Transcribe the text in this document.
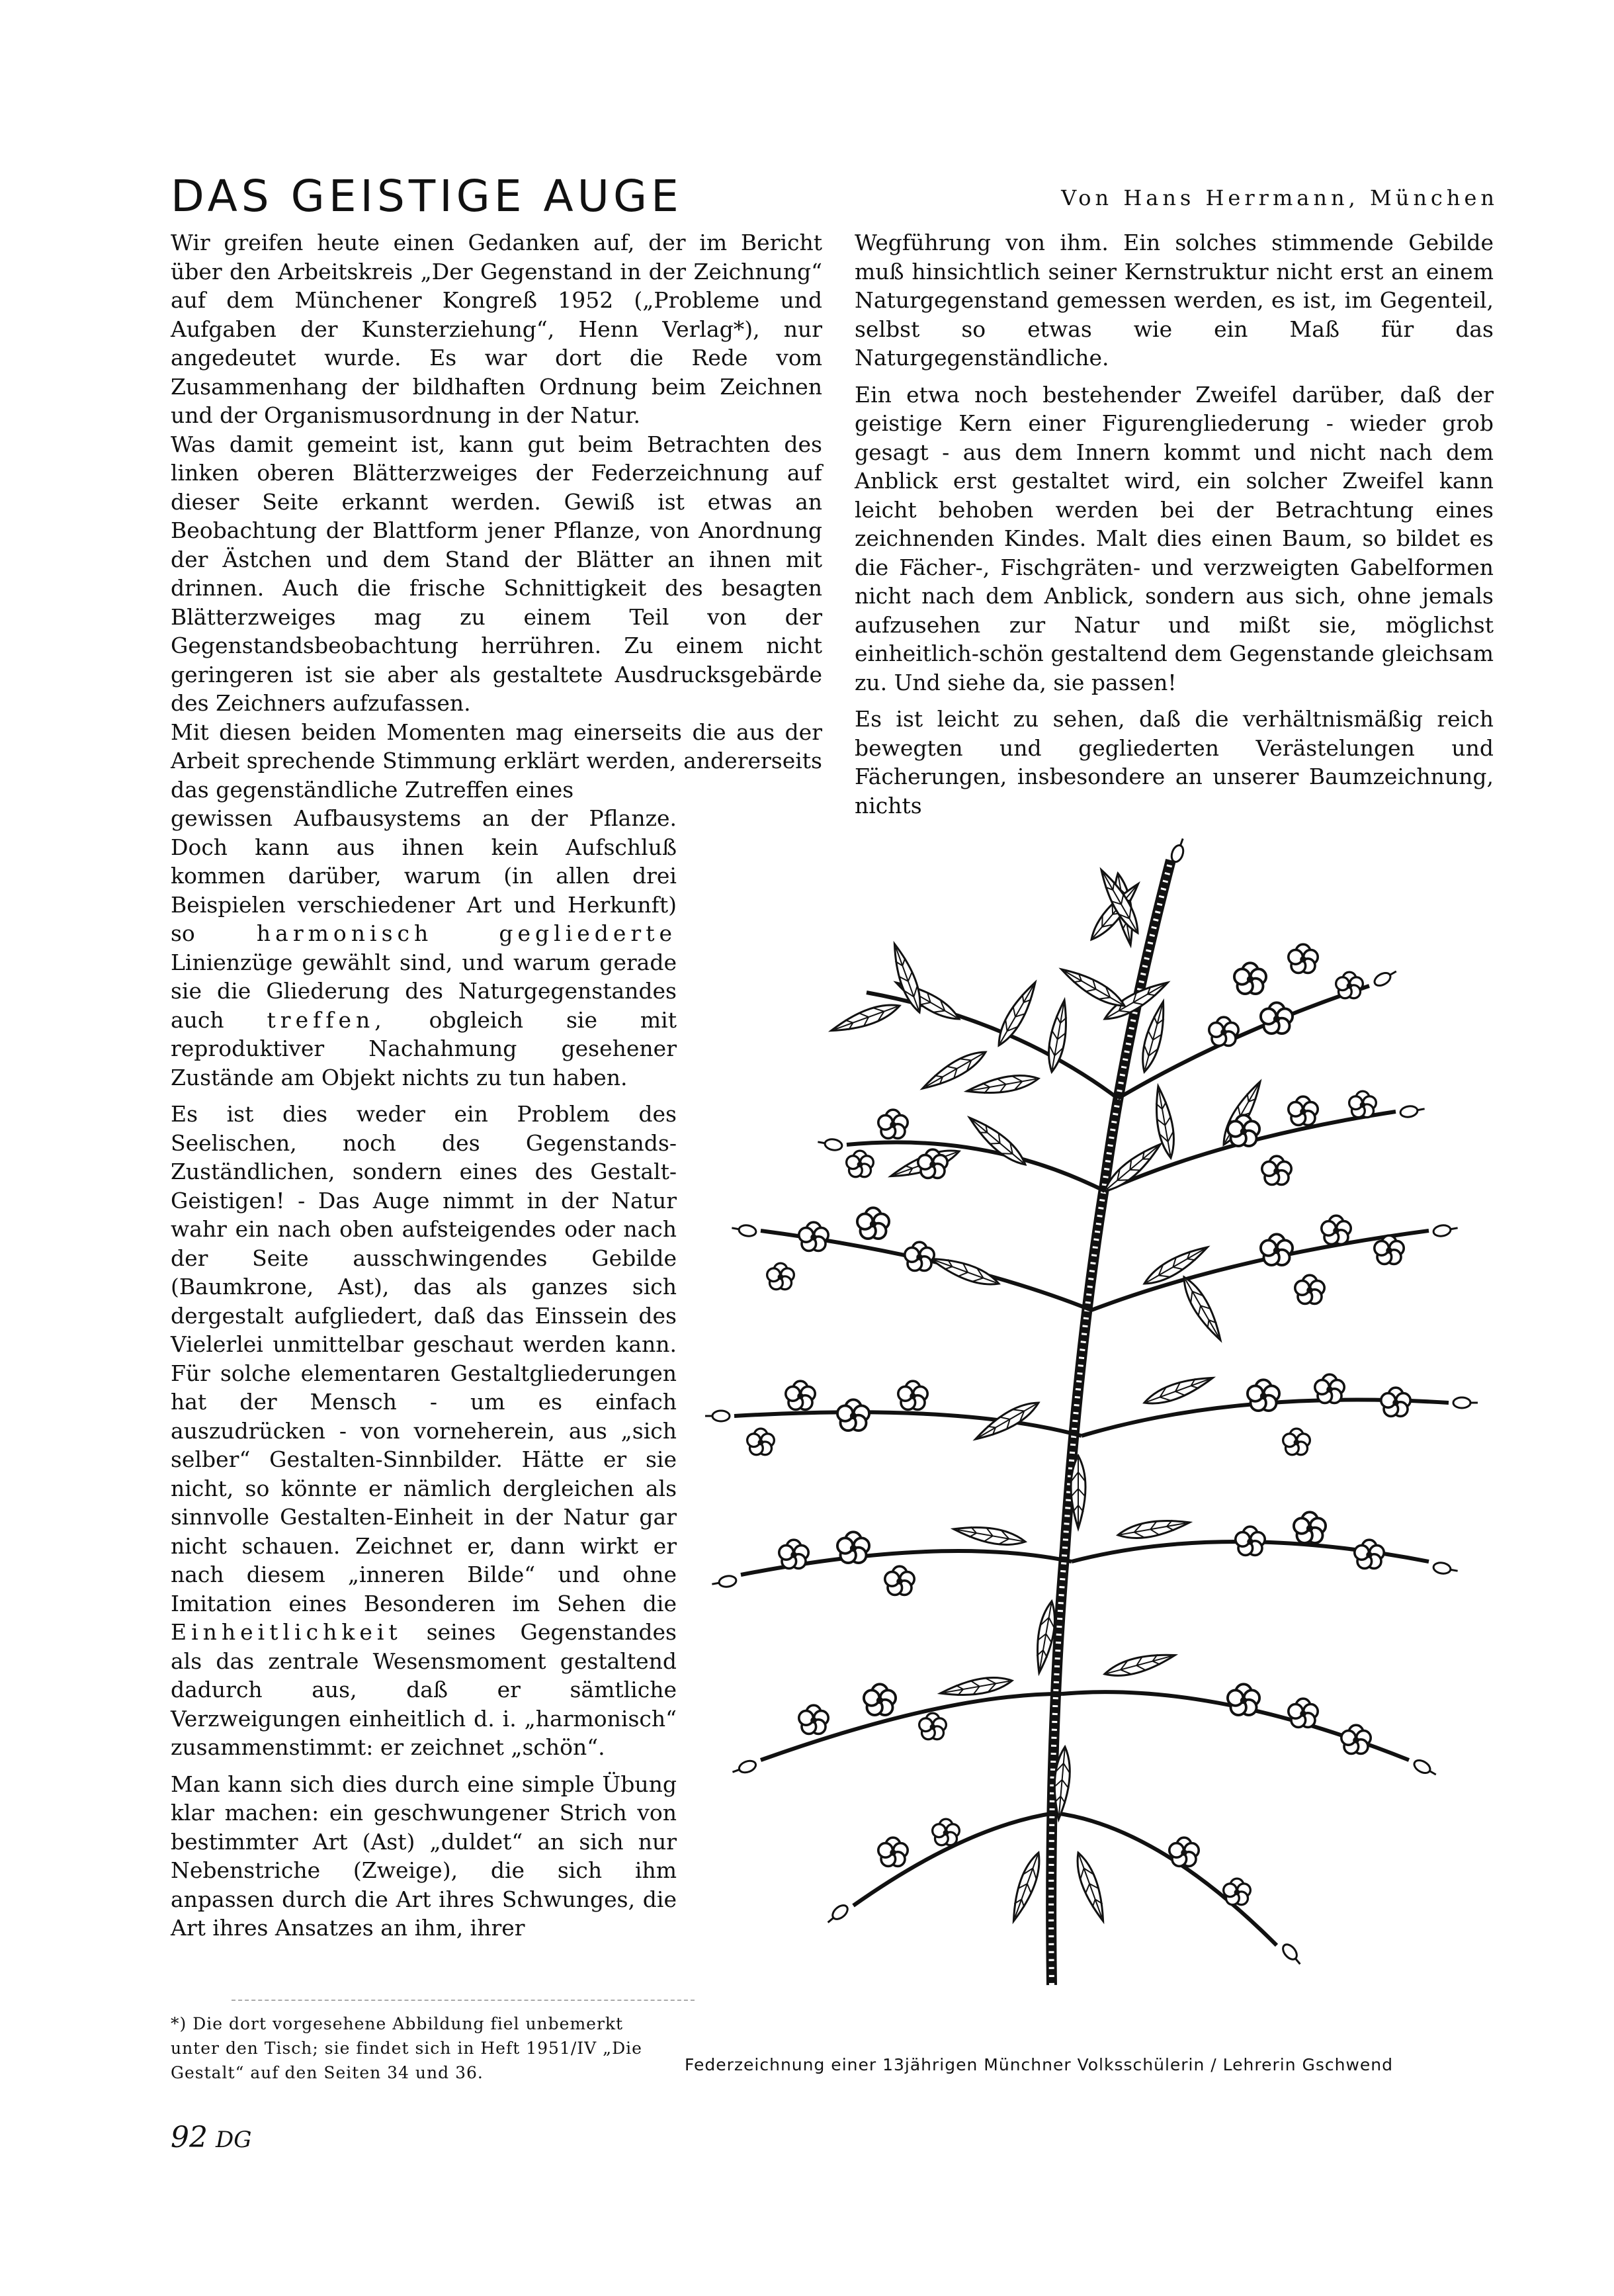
DAS GEISTIGE AUGE	Von Hans Herrmann, München

Wir greifen heute einen Gedanken auf, der im Bericht über den Arbeitskreis „Der Gegenstand in der Zeichnung“ auf dem Münchener Kongreß 1952 („Probleme und Aufgaben der Kunsterziehung“, Henn Verlag*), nur angedeutet wurde. Es war dort die Rede vom Zusammenhang der bildhaften Ordnung beim Zeichnen und der Organismusordnung in der Natur.

Was damit gemeint ist, kann gut beim Betrachten des linken oberen Blätterzweiges der Federzeichnung auf dieser Seite erkannt werden. Gewiß ist etwas an Beobachtung der Blattform jener Pflanze, von Anordnung der Ästchen und dem Stand der Blätter an ihnen mit drinnen. Auch die frische Schnittigkeit des besagten Blätterzweiges mag zu einem Teil von der Gegenstandsbeobachtung herrühren. Zu einem nicht geringeren ist sie aber als gestaltete Ausdrucksgebärde des Zeichners aufzufassen.

Mit diesen beiden Momenten mag einerseits die aus der Arbeit sprechende Stimmung erklärt werden, andererseits das gegenständliche Zutreffen eines

gewissen Aufbausystems an der Pflanze. Doch kann aus ihnen kein Aufschluß kommen darüber, warum (in allen drei Beispielen verschiedener Art und Herkunft) so	harmonisch gegliederte Linienzüge gewählt sind, und warum gerade sie die Gliederung des Naturgegenstandes auch treffen, obgleich sie mit reproduktiver Nachahmung gesehener Zustände am Objekt nichts zu tun haben.

Es ist dies weder ein Problem des Seelischen, noch des Gegenstands-Zuständlichen, sondern eines des Gestalt-Geistigen! - Das Auge nimmt in der Natur wahr ein nach oben aufsteigendes oder nach der Seite ausschwingendes Gebilde (Baumkrone, Ast), das als ganzes sich dergestalt aufgliedert, daß das Einssein des Vielerlei unmittelbar geschaut werden kann. Für solche elementaren Gestaltgliederungen hat der Mensch - um es einfach auszudrücken - von vorneherein, aus „sich selber“ Gestalten-Sinnbilder. Hätte er sie nicht, so könnte er nämlich dergleichen als sinnvolle Gestalten-Einheit in der Natur gar nicht schauen. Zeichnet er, dann wirkt er nach diesem „inneren Bilde“ und ohne Imitation eines Besonderen im Sehen die Einheitlichkeit seines Gegenstandes als das zentrale Wesensmoment gestaltend dadurch aus, daß er sämtliche Verzweigungen einheitlich d. i. „harmonisch“ zusammenstimmt: er zeichnet „schön“.

Man kann sich dies durch eine simple Übung klar machen: ein geschwungener Strich von bestimmter Art (Ast) „duldet“ an sich nur Nebenstriche (Zweige), die sich ihm anpassen durch die Art ihres Schwunges, die Art ihres Ansatzes an ihm, ihrer

Wegführung von ihm. Ein solches stimmende Gebilde muß hinsichtlich seiner Kernstruktur nicht erst an einem Naturgegenstand gemessen werden, es ist, im Gegenteil, selbst so etwas wie ein Maß für das Naturgegenständliche.

Ein etwa noch bestehender Zweifel darüber, daß der geistige Kern einer Figurengliederung - wieder grob gesagt - aus dem Innern kommt und nicht nach dem Anblick erst gestaltet wird, ein solcher Zweifel kann leicht behoben werden bei der Betrachtung eines zeichnenden Kindes. Malt dies einen Baum, so bildet es die Fächer-, Fischgräten- und verzweigten Gabelformen nicht nach dem Anblick, sondern aus sich, ohne jemals aufzusehen zur Natur und mißt sie, möglichst einheitlich-schön gestaltend dem Gegenstande gleichsam zu. Und siehe da, sie passen!

Es ist leicht zu sehen, daß die verhältnismäßig reich bewegten und gegliederten Verästelungen und Fächerungen, insbesondere an unserer Baumzeichnung, nichts

*) Die dort vorgesehene Abbildung fiel unbemerkt unter den Tisch; sie findet sich in Heft 1951/IV „Die Gestalt“ auf den Seiten 34 und 36.	Federzeichnung einer 13jährigen Münchner Volksschülerin / Lehrerin Gschwend
92 DG
